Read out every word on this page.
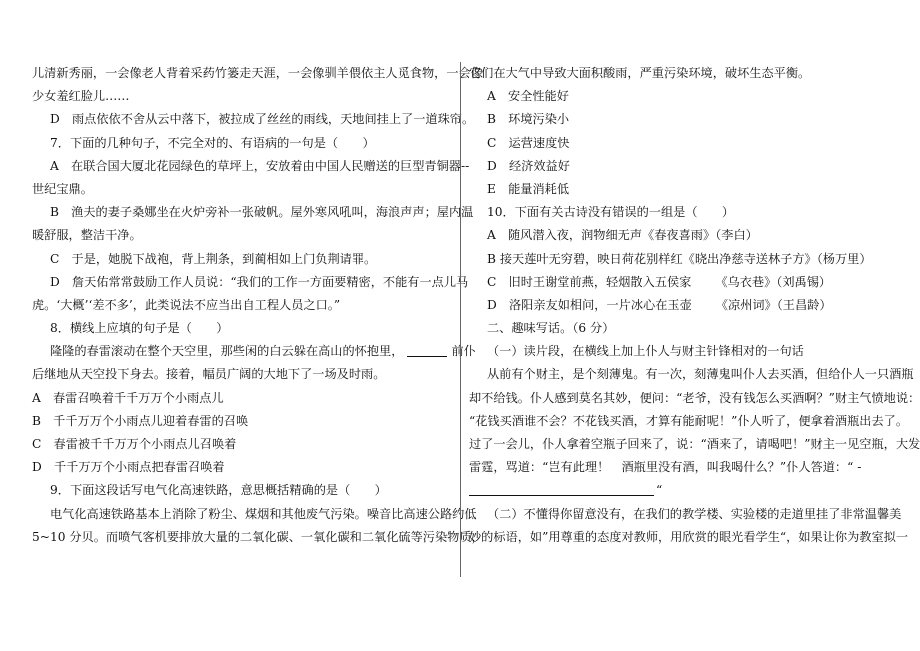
儿清新秀丽，一会像老人背着采药竹篓走天涯，一会像驯羊偎依主人觅食物，一会像
少女羞红脸儿……
D　雨点依依不舍从云中落下，被拉成了丝丝的雨线，天地间挂上了一道珠帘。
7．下面的几种句子，不完全对的、有语病的一句是（　　）
A　在联合国大厦北花园绿色的草坪上，安放着由中国人民赠送的巨型青铜器--
世纪宝鼎。
B　渔夫的妻子桑娜坐在火炉旁补一张破帆。屋外寒风吼叫，海浪声声；屋内温
暖舒服，整洁干净。
C　于是，她脱下战袍，背上荆条，到蔺相如上门负荆请罪。
D　詹天佑常常鼓励工作人员说：“我们的工作一方面要精密，不能有一点儿马
虎。‘大概’‘差不多’，此类说法不应当出自工程人员之口。”
8．横线上应填的句子是（　　）
隆隆的春雷滚动在整个天空里，那些闲的白云躲在高山的怀抱里，	前仆
后继地从天空投下身去。接着，幅员广阔的大地下了一场及时雨。
A　春雷召唤着千千万万个小雨点儿
B　千千万万个小雨点儿迎着春雷的召唤
C　春雷被千千万万个小雨点儿召唤着
D　千千万万个小雨点把春雷召唤着
9．下面这段话写电气化高速铁路，意思概括精确的是（　　）
电气化高速铁路基本上消除了粉尘、煤烟和其他废气污染。噪音比高速公路约低
5~10 分贝。而喷气客机要排放大量的二氧化碳、一氧化碳和二氧化硫等污染物质，
它们在大气中导致大面积酸雨，严重污染环境，破坏生态平衡。
A　安全性能好
B　环境污染小
C　运营速度快
D　经济效益好
E　能量消耗低
10．下面有关古诗没有错误的一组是（　　）
A　随风潜入夜，润物细无声《春夜喜雨》（李白）
B 接天莲叶无穷碧，映日荷花别样红《晓出净慈寺送林子方》（杨万里）
C　旧时王谢堂前燕，轻烟散入五侯家 《乌衣巷》（刘禹锡）
D　洛阳亲友如相问，一片冰心在玉壶 《凉州词》（王昌龄）
二、趣味写话。（6 分）
（一）读片段，在横线上加上仆人与财主针锋相对的一句话
从前有个财主，是个刻薄鬼。有一次，刻薄鬼叫仆人去买酒，但给仆人一只酒瓶
却不给钱。仆人感到莫名其妙，便问：“老爷，没有钱怎么买酒啊？”财主气愤地说：
“花钱买酒谁不会？不花钱买酒，才算有能耐呢！”仆人听了，便拿着酒瓶出去了。
过了一会儿，仆人拿着空瓶子回来了，说：“酒来了，请喝吧！”财主一见空瓶，大发
雷霆，骂道：“岂有此理！　酒瓶里没有酒，叫我喝什么？”仆人答道：“ -
“
（二）不懂得你留意没有，在我们的教学楼、实验楼的走道里挂了非常温馨美
妙的标语，如”用尊重的态度对教师，用欣赏的眼光看学生“，如果让你为教室拟一
